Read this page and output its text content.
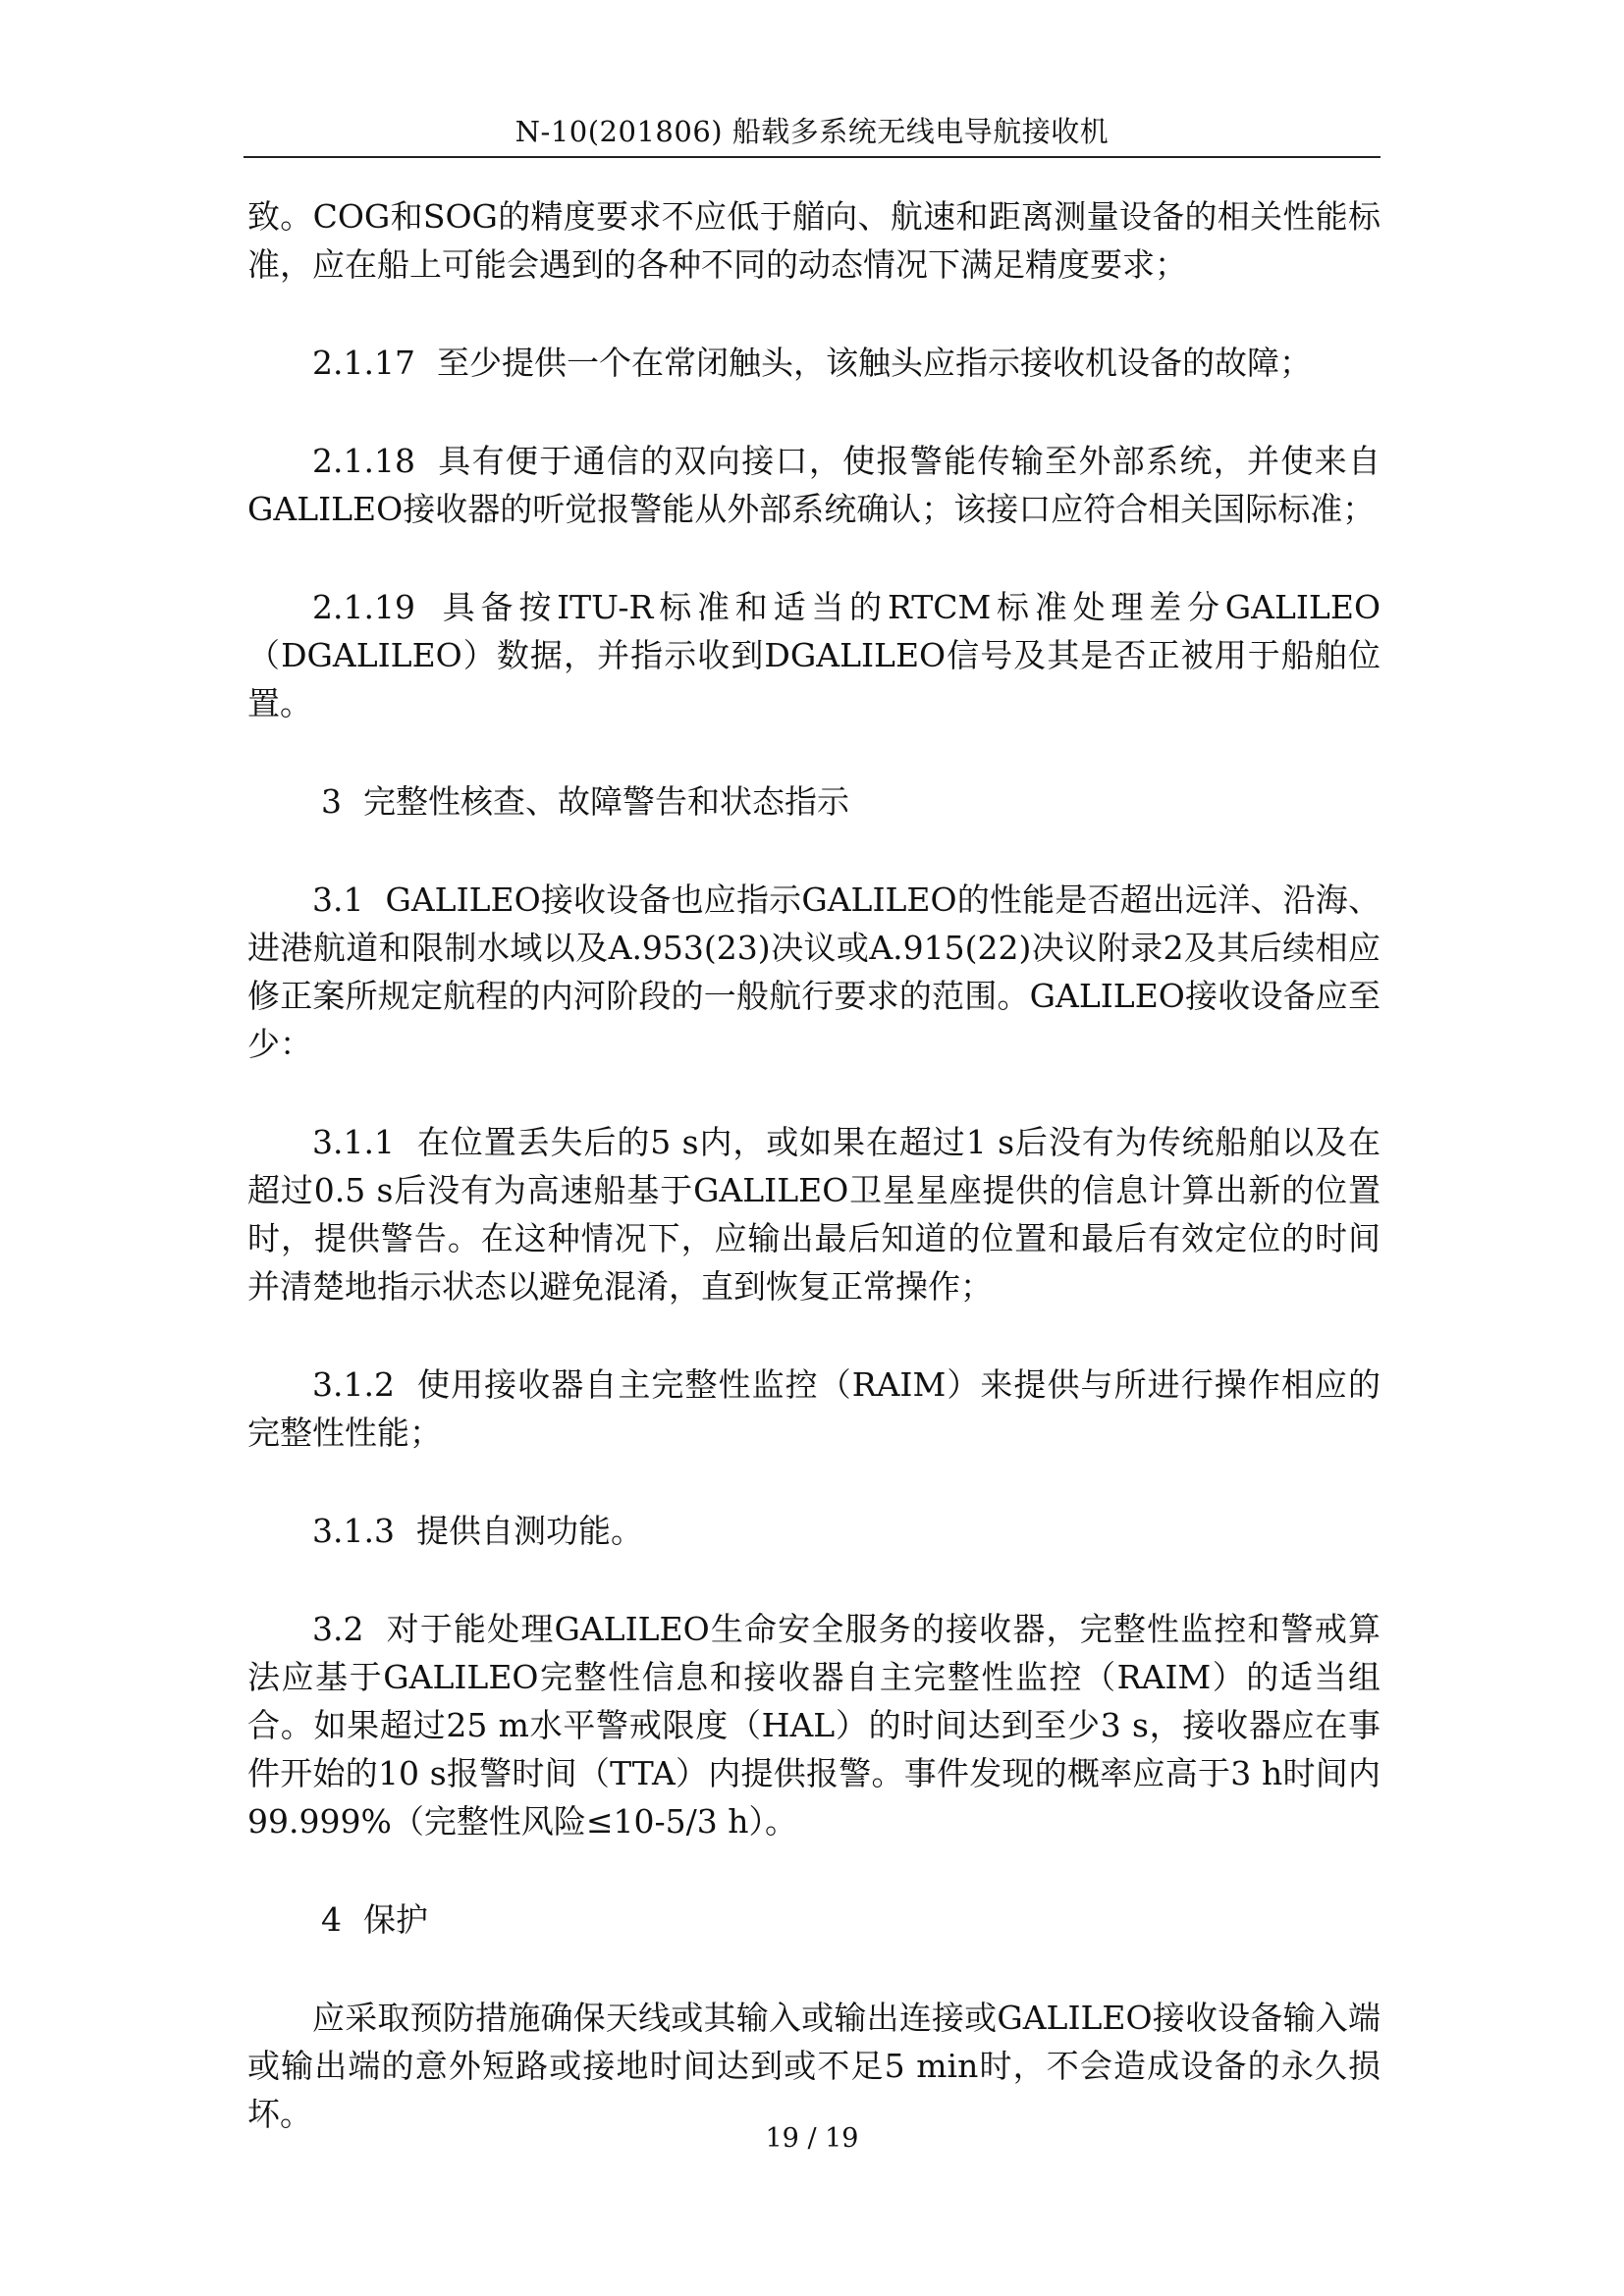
N-10(201806) 船载多系统无线电导航接收机

致。COG和SOG的精度要求不应低于艏向、航速和距离测量设备的相关性能标准，应在船上可能会遇到的各种不同的动态情况下满足精度要求；

2.1.17 至少提供一个在常闭触头，该触头应指示接收机设备的故障；

2.1.18 具有便于通信的双向接口，使报警能传输至外部系统，并使来自GALILEO接收器的听觉报警能从外部系统确认；该接口应符合相关国际标准；

2.1.19 具备按ITU-R标准和适当的RTCM标准处理差分GALILEO（DGALILEO）数据，并指示收到DGALILEO信号及其是否正被用于船舶位置。

3 完整性核查、故障警告和状态指示

3.1 GALILEO接收设备也应指示GALILEO的性能是否超出远洋、沿海、进港航道和限制水域以及A.953(23)决议或A.915(22)决议附录2及其后续相应修正案所规定航程的内河阶段的一般航行要求的范围。GALILEO接收设备应至少：

3.1.1 在位置丢失后的5 s内，或如果在超过1 s后没有为传统船舶以及在超过0.5 s后没有为高速船基于GALILEO卫星星座提供的信息计算出新的位置时，提供警告。在这种情况下，应输出最后知道的位置和最后有效定位的时间并清楚地指示状态以避免混淆，直到恢复正常操作；

3.1.2 使用接收器自主完整性监控（RAIM）来提供与所进行操作相应的完整性性能；

3.1.3 提供自测功能。

3.2 对于能处理GALILEO生命安全服务的接收器，完整性监控和警戒算法应基于GALILEO完整性信息和接收器自主完整性监控（RAIM）的适当组合。如果超过25 m水平警戒限度（HAL）的时间达到至少3 s，接收器应在事件开始的10 s报警时间（TTA）内提供报警。事件发现的概率应高于3 h时间内99.999%（完整性风险≤10-5/3 h）。

4 保护

应采取预防措施确保天线或其输入或输出连接或GALILEO接收设备输入端或输出端的意外短路或接地时间达到或不足5 min时，不会造成设备的永久损坏。

19 / 19
